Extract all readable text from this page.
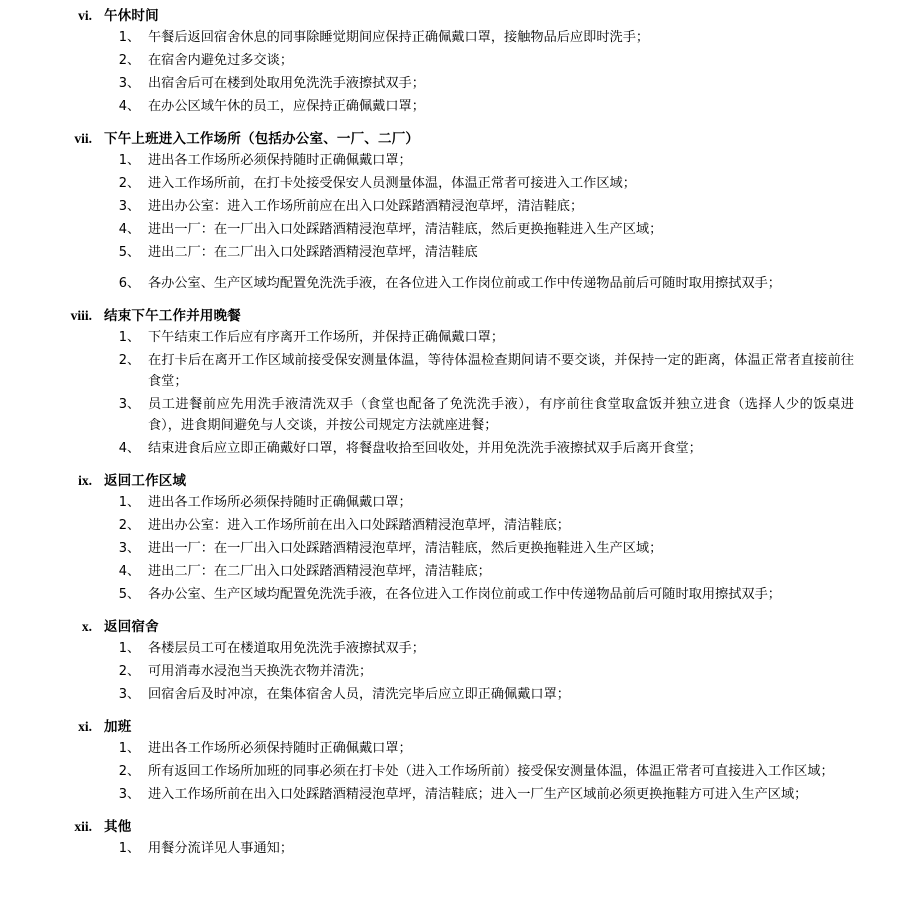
vi. 午休时间
1、 午餐后返回宿舍休息的同事除睡觉期间应保持正确佩戴口罩，接触物品后应即时洗手；
2、 在宿舍内避免过多交谈；
3、 出宿舍后可在楼到处取用免洗洗手液擦拭双手；
4、 在办公区域午休的员工，应保持正确佩戴口罩；
vii. 下午上班进入工作场所（包括办公室、一厂、二厂）
1、 进出各工作场所必须保持随时正确佩戴口罩；
2、 进入工作场所前，在打卡处接受保安人员测量体温，体温正常者可接进入工作区域；
3、 进出办公室：进入工作场所前应在出入口处踩踏酒精浸泡草坪，清洁鞋底；
4、 进出一厂：在一厂出入口处踩踏酒精浸泡草坪，清洁鞋底，然后更换拖鞋进入生产区域；
5、 进出二厂：在二厂出入口处踩踏酒精浸泡草坪，清洁鞋底
6、 各办公室、生产区域均配置免洗洗手液，在各位进入工作岗位前或工作中传递物品前后可随时取用擦拭双手；
viii. 结束下午工作并用晚餐
1、 下午结束工作后应有序离开工作场所，并保持正确佩戴口罩；
2、 在打卡后在离开工作区域前接受保安测量体温，等待体温检查期间请不要交谈，并保持一定的距离，体温正常者直接前往食堂；
3、 员工进餐前应先用洗手液清洗双手（食堂也配备了免洗洗手液），有序前往食堂取盒饭并独立进食（选择人少的饭桌进食），进食期间避免与人交谈，并按公司规定方法就座进餐；
4、 结束进食后应立即正确戴好口罩，将餐盘收拾至回收处，并用免洗洗手液擦拭双手后离开食堂；
ix. 返回工作区域
1、 进出各工作场所必须保持随时正确佩戴口罩；
2、 进出办公室：进入工作场所前在出入口处踩踏酒精浸泡草坪，清洁鞋底；
3、 进出一厂：在一厂出入口处踩踏酒精浸泡草坪，清洁鞋底，然后更换拖鞋进入生产区域；
4、 进出二厂：在二厂出入口处踩踏酒精浸泡草坪，清洁鞋底；
5、 各办公室、生产区域均配置免洗洗手液，在各位进入工作岗位前或工作中传递物品前后可随时取用擦拭双手；
x. 返回宿舍
1、 各楼层员工可在楼道取用免洗洗手液擦拭双手；
2、 可用消毒水浸泡当天换洗衣物并清洗；
3、 回宿舍后及时冲凉，在集体宿舍人员，清洗完毕后应立即正确佩戴口罩；
xi. 加班
1、 进出各工作场所必须保持随时正确佩戴口罩；
2、 所有返回工作场所加班的同事必须在打卡处（进入工作场所前）接受保安测量体温，体温正常者可直接进入工作区域；
3、 进入工作场所前在出入口处踩踏酒精浸泡草坪，清洁鞋底；进入一厂生产区域前必须更换拖鞋方可进入生产区域；
xii. 其他
1、 用餐分流详见人事通知；
